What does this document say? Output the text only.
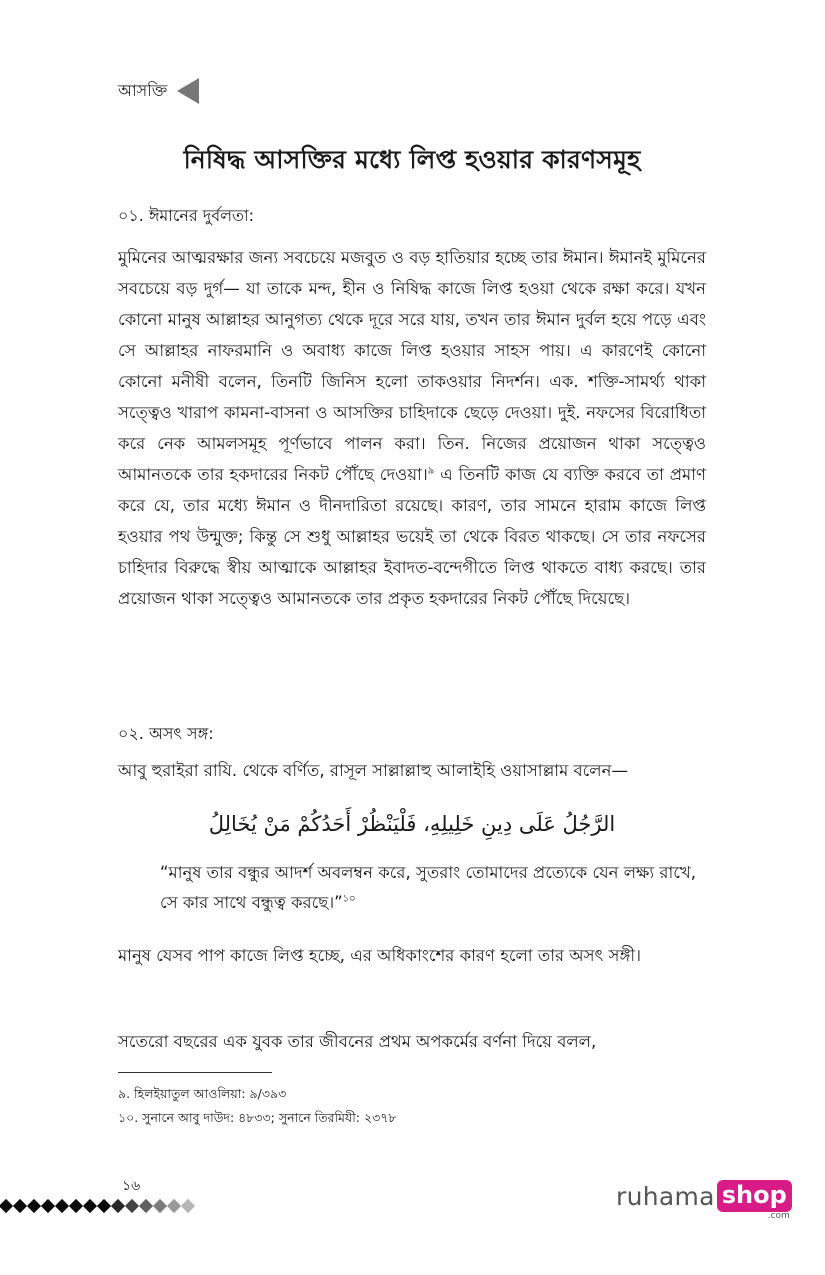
আসক্তি
নিষিদ্ধ আসক্তির মধ্যে লিপ্ত হওয়ার কারণসমূহ
০১. ঈমানের দুর্বলতা:
মুমিনের আত্মরক্ষার জন্য সবচেয়ে মজবুত ও বড় হাতিয়ার হচ্ছে তার ঈমান। ঈমানই মুমিনের সবচেয়ে বড় দুর্গ— যা তাকে মন্দ, হীন ও নিষিদ্ধ কাজে লিপ্ত হওয়া থেকে রক্ষা করে। যখন কোনো মানুষ আল্লাহর আনুগত্য থেকে দূরে সরে যায়, তখন তার ঈমান দুর্বল হয়ে পড়ে এবং সে আল্লাহর নাফরমানি ও অবাধ্য কাজে লিপ্ত হওয়ার সাহস পায়। এ কারণেই কোনো কোনো মনীষী বলেন, তিনটি জিনিস হলো তাকওয়ার নিদর্শন। এক. শক্তি-সামর্থ্য থাকা সত্ত্বেও খারাপ কামনা-বাসনা ও আসক্তির চাহিদাকে ছেড়ে দেওয়া। দুই. নফসের বিরোধিতা করে নেক আমলসমূহ পূর্ণভাবে পালন করা। তিন. নিজের প্রয়োজন থাকা সত্ত্বেও আমানতকে তার হকদারের নিকট পৌঁছে দেওয়া।$^৯$ এ তিনটি কাজ যে ব্যক্তি করবে তা প্রমাণ করে যে, তার মধ্যে ঈমান ও দীনদারিতা রয়েছে। কারণ, তার সামনে হারাম কাজে লিপ্ত হওয়ার পথ উন্মুক্ত; কিন্তু সে শুধু আল্লাহর ভয়েই তা থেকে বিরত থাকছে। সে তার নফসের চাহিদার বিরুদ্ধে স্বীয় আত্মাকে আল্লাহর ইবাদত-বন্দেগীতে লিপ্ত থাকতে বাধ্য করছে। তার প্রয়োজন থাকা সত্ত্বেও আমানতকে তার প্রকৃত হকদারের নিকট পৌঁছে দিয়েছে।
০২. অসৎ সঙ্গ:
আবু হুরাইরা রাযি. থেকে বর্ণিত, রাসূল সাল্লাল্লাহু আলাইহি ওয়াসাল্লাম বলেন—
الرَّجُلُ عَلَى دِينِ خَلِيلِهِ، فَلْيَنْظُرْ أَحَدُكُمْ مَنْ يُخَالِلُ
“মানুষ তার বন্ধুর আদর্শ অবলম্বন করে, সুতরাং তোমাদের প্রত্যেকে যেন লক্ষ্য রাখে, সে কার সাথে বন্ধুত্ব করছে।”$^{১০}$
মানুষ যেসব পাপ কাজে লিপ্ত হচ্ছে, এর অধিকাংশের কারণ হলো তার অসৎ সঙ্গী।
সতেরো বছরের এক যুবক তার জীবনের প্রথম অপকর্মের বর্ণনা দিয়ে বলল,
৯. হিলইয়াতুল আওলিয়া: ৯/৩৯৩
১০. সুনানে আবু দাউদ: ৪৮৩৩; সুনানে তিরমিযী: ২৩৭৮
১৬	ruhama shop
.com
